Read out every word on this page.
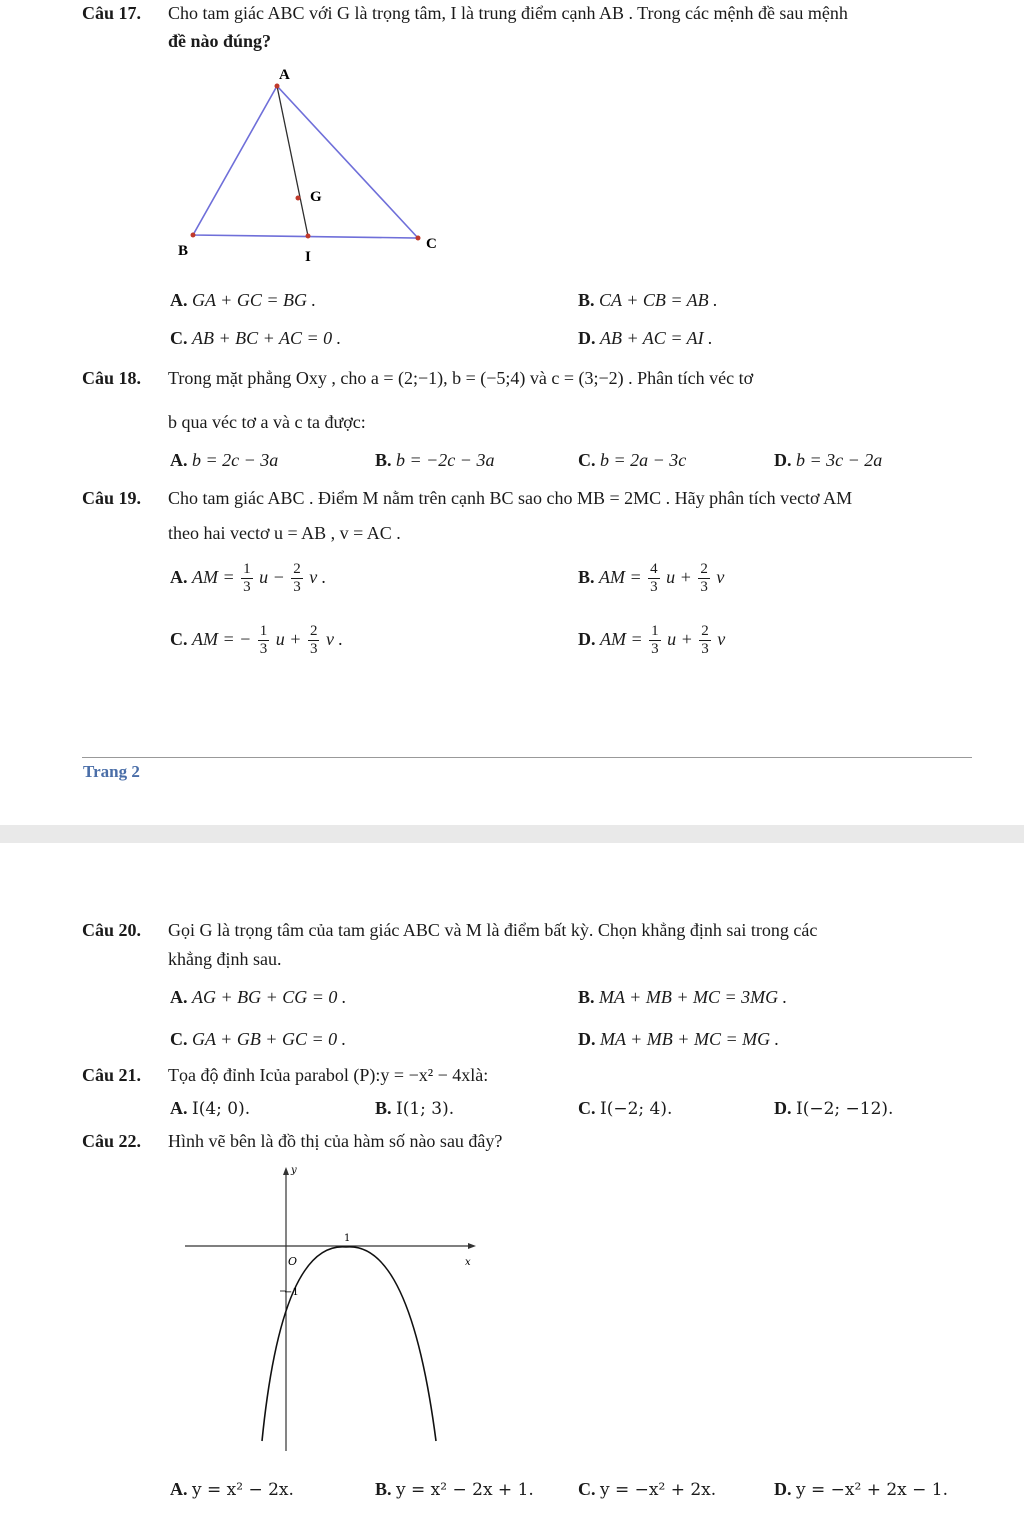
Câu 17. Cho tam giác ABC với G là trọng tâm, I là trung điểm cạnh AB . Trong các mệnh đề sau mệnh
đề nào đúng?
A
G
B	I
C
A. GA + GC = BG .	B. CA + CB = AB .
C. AB + BC + AC = 0 .	D. AB + AC = AI .
Câu 18. Trong mặt phẳng Oxy , cho a = (2;−1), b = (−5;4) và c = (3;−2) . Phân tích véc tơ
b qua véc tơ a và c ta được:
A. b = 2c − 3a	B. b = −2c − 3a	C. b = 2a − 3c	D. b = 3c − 2a
Câu 19. Cho tam giác ABC . Điểm M nằm trên cạnh BC sao cho MB = 2MC . Hãy phân tích vectơ AM
theo hai vectơ u = AB , v = AC .
A. AM = $\frac{1}{3}$ $u - \frac{2}{3}$ v .	B. AM = $\frac{4}{3}$ $u + \frac{2}{3}$ v
C. AM = − $\frac{1}{3}$ $u + \frac{2}{3}$ v .	D. AM = $\frac{1}{3}$ $u + \frac{2}{3}$ v
Trang 2
Câu 20. Gọi G là trọng tâm của tam giác ABC và M là điểm bất kỳ. Chọn khẳng định sai trong các
khẳng định sau.
A. AG + BG + CG = 0 .	B. MA + MB + MC = 3MG .
C. GA + GB + GC = 0 .	D. MA + MB + MC = MG .
Câu 21. Tọa độ đỉnh Icủa parabol (P):y = −x² − 4xlà:
A. I(4; 0).	B. I(1; 3).	C. I(−2; 4).	D. I(−2; −12).
Câu 22. Hình vẽ bên là đồ thị của hàm số nào sau đây?
y
x
O
1
−1
A. y = x² − 2x.	B. y = x² − 2x + 1. C. y = −x² + 2x.	D. y = −x² + 2x − 1.
